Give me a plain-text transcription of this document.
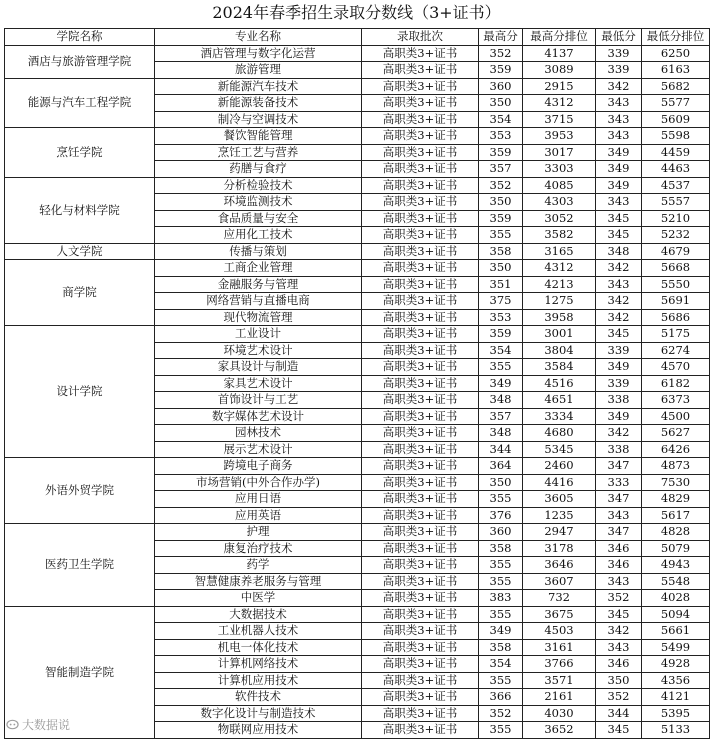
2024年春季招生录取分数线（3+证书）
学院名称	专业名称	录取批次	最高分	最高分排位	最低分	最低分排位
酒店与旅游管理学院	酒店管理与数字化运营	高职类3+证书	352	4137	339	6250
	旅游管理	高职类3+证书	359	3089	339	6163
能源与汽车工程学院	新能源汽车技术	高职类3+证书	360	2915	342	5682
	新能源装备技术	高职类3+证书	350	4312	343	5577
	制冷与空调技术	高职类3+证书	354	3715	343	5609
烹饪学院	餐饮智能管理	高职类3+证书	353	3953	343	5598
	烹饪工艺与营养	高职类3+证书	359	3017	349	4459
	药膳与食疗	高职类3+证书	357	3303	349	4463
轻化与材料学院	分析检验技术	高职类3+证书	352	4085	349	4537
	环境监测技术	高职类3+证书	350	4303	343	5557
	食品质量与安全	高职类3+证书	359	3052	345	5210
	应用化工技术	高职类3+证书	355	3582	345	5232
人文学院	传播与策划	高职类3+证书	358	3165	348	4679
商学院	工商企业管理	高职类3+证书	350	4312	342	5668
	金融服务与管理	高职类3+证书	351	4213	343	5550
	网络营销与直播电商	高职类3+证书	375	1275	342	5691
	现代物流管理	高职类3+证书	353	3958	342	5686
设计学院	工业设计	高职类3+证书	359	3001	345	5175
	环境艺术设计	高职类3+证书	354	3804	339	6274
	家具设计与制造	高职类3+证书	355	3584	349	4570
	家具艺术设计	高职类3+证书	349	4516	339	6182
	首饰设计与工艺	高职类3+证书	348	4651	338	6373
	数字媒体艺术设计	高职类3+证书	357	3334	349	4500
	园林技术	高职类3+证书	348	4680	342	5627
	展示艺术设计	高职类3+证书	344	5345	338	6426
外语外贸学院	跨境电子商务	高职类3+证书	364	2460	347	4873
	市场营销(中外合作办学)	高职类3+证书	350	4416	333	7530
	应用日语	高职类3+证书	355	3605	347	4829
	应用英语	高职类3+证书	376	1235	343	5617
医药卫生学院	护理	高职类3+证书	360	2947	347	4828
	康复治疗技术	高职类3+证书	358	3178	346	5079
	药学	高职类3+证书	355	3646	346	4943
	智慧健康养老服务与管理	高职类3+证书	355	3607	343	5548
	中医学	高职类3+证书	383	732	352	4028
智能制造学院	大数据技术	高职类3+证书	355	3675	345	5094
	工业机器人技术	高职类3+证书	349	4503	342	5661
	机电一体化技术	高职类3+证书	358	3161	343	5499
	计算机网络技术	高职类3+证书	354	3766	346	4928
	计算机应用技术	高职类3+证书	355	3571	350	4356
	软件技术	高职类3+证书	366	2161	352	4121
	数字化设计与制造技术	高职类3+证书	352	4030	344	5395
	物联网应用技术	高职类3+证书	355	3652	345	5133
大数据说
